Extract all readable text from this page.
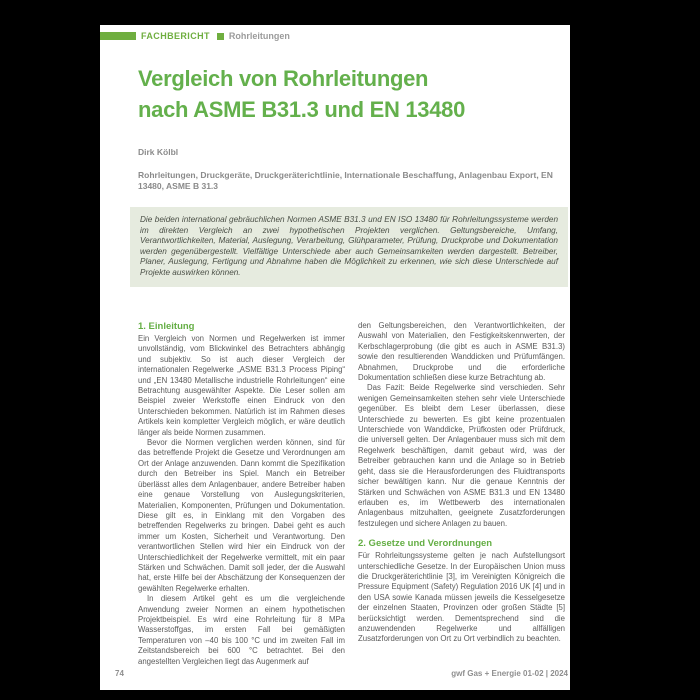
FACHBERICHT Rohrleitungen
Vergleich von Rohrleitungen
nach ASME B31.3 und EN 13480
Dirk Kölbl
Rohrleitungen, Druckgeräte, Druckgeräterichtlinie, Internationale Beschaffung, Anlagenbau Export, EN 13480, ASME B 31.3

Die beiden international gebräuchlichen Normen ASME B31.3 und EN ISO 13480 für Rohrleitungssysteme werden im direkten Vergleich an zwei hypothetischen Projekten verglichen. Geltungsbereiche, Umfang, Verantwortlichkeiten, Material, Auslegung, Verarbeitung, Glühparameter, Prüfung, Druckprobe und Dokumentation werden gegenübergestellt. Vielfältige Unterschiede aber auch Gemeinsamkeiten werden dargestellt. Betreiber, Planer, Auslegung, Fertigung und Abnahme haben die Möglichkeit zu erkennen, wie sich diese Unterschiede auf Projekte auswirken können.

1. Einleitung

Ein Vergleich von Normen und Regelwerken ist immer unvollständig, vom Blickwinkel des Betrachters abhängig und subjektiv. So ist auch dieser Vergleich der internationalen Regelwerke „ASME B31.3 Process Piping“ und „EN 13480 Metallische industrielle Rohrleitungen“ eine Betrachtung ausgewählter Aspekte. Die Leser sollen am Beispiel zweier Werkstoffe einen Eindruck von den Unterschieden bekommen. Natürlich ist im Rahmen dieses Artikels kein kompletter Vergleich möglich, er wäre deutlich länger als beide Normen zusammen.

Bevor die Normen verglichen werden können, sind für das betreffende Projekt die Gesetze und Verordnungen am Ort der Anlage anzuwenden. Dann kommt die Spezifikation durch den Betreiber ins Spiel. Manch ein Betreiber überlässt alles dem Anlagenbauer, andere Betreiber haben eine genaue Vorstellung von Auslegungskriterien, Materialien, Komponenten, Prüfungen und Dokumentation. Diese gilt es, in Einklang mit den Vorgaben des betreffenden Regelwerks zu bringen. Dabei geht es auch immer um Kosten, Sicherheit und Verantwortung. Den verantwortlichen Stellen wird hier ein Eindruck von der Unterschiedlichkeit der Regelwerke vermittelt, mit ein paar Stärken und Schwächen. Damit soll jeder, der die Auswahl hat, erste Hilfe bei der Abschätzung der Konsequenzen der gewählten Regelwerke erhalten.

In diesem Artikel geht es um die vergleichende Anwendung zweier Normen an einem hypothetischen Projektbeispiel. Es wird eine Rohrleitung für 8 MPa Wasserstoffgas, im ersten Fall bei gemäßigten Temperaturen von –40 bis 100 °C und im zweiten Fall im Zeitstandsbereich bei 600 °C betrachtet. Bei den angestellten Vergleichen liegt das Augenmerk auf

den Geltungsbereichen, den Verantwortlichkeiten, der Auswahl von Materialien, den Festigkeitskennwerten, der Kerbschlagerprobung (die gibt es auch in ASME B31.3) sowie den resultierenden Wanddicken und Prüfumfängen. Abnahmen, Druckprobe und die erforderliche Dokumentation schließen diese kurze Betrachtung ab.

Das Fazit: Beide Regelwerke sind verschieden. Sehr wenigen Gemeinsamkeiten stehen sehr viele Unterschiede gegenüber. Es bleibt dem Leser überlassen, diese Unterschiede zu bewerten. Es gibt keine prozentualen Unterschiede von Wanddicke, Prüfkosten oder Prüfdruck, die universell gelten. Der Anlagenbauer muss sich mit dem Regelwerk beschäftigen, damit gebaut wird, was der Betreiber gebrauchen kann und die Anlage so in Betrieb geht, dass sie die Herausforderungen des Fluidtransports sicher bewältigen kann. Nur die genaue Kenntnis der Stärken und Schwächen von ASME B31.3 und EN 13480 erlauben es, im Wettbewerb des internationalen Anlagenbaus mitzuhalten, geeignete Zusatzforderungen festzulegen und sichere Anlagen zu bauen.

2. Gesetze und Verordnungen

Für Rohrleitungssysteme gelten je nach Aufstellungsort unterschiedliche Gesetze. In der Europäischen Union muss die Druckgeräterichtlinie [3], im Vereinigten Königreich die Pressure Equipment (Safety) Regulation 2016 UK [4] und in den USA sowie Kanada müssen jeweils die Kesselgesetze der einzelnen Staaten, Provinzen oder großen Städte [5] berücksichtigt werden. Dementsprechend sind die anzuwendenden Regelwerke und allfälligen Zusatzforderungen von Ort zu Ort verbindlich zu beachten.

74	gwf Gas + Energie 01-02 | 2024
